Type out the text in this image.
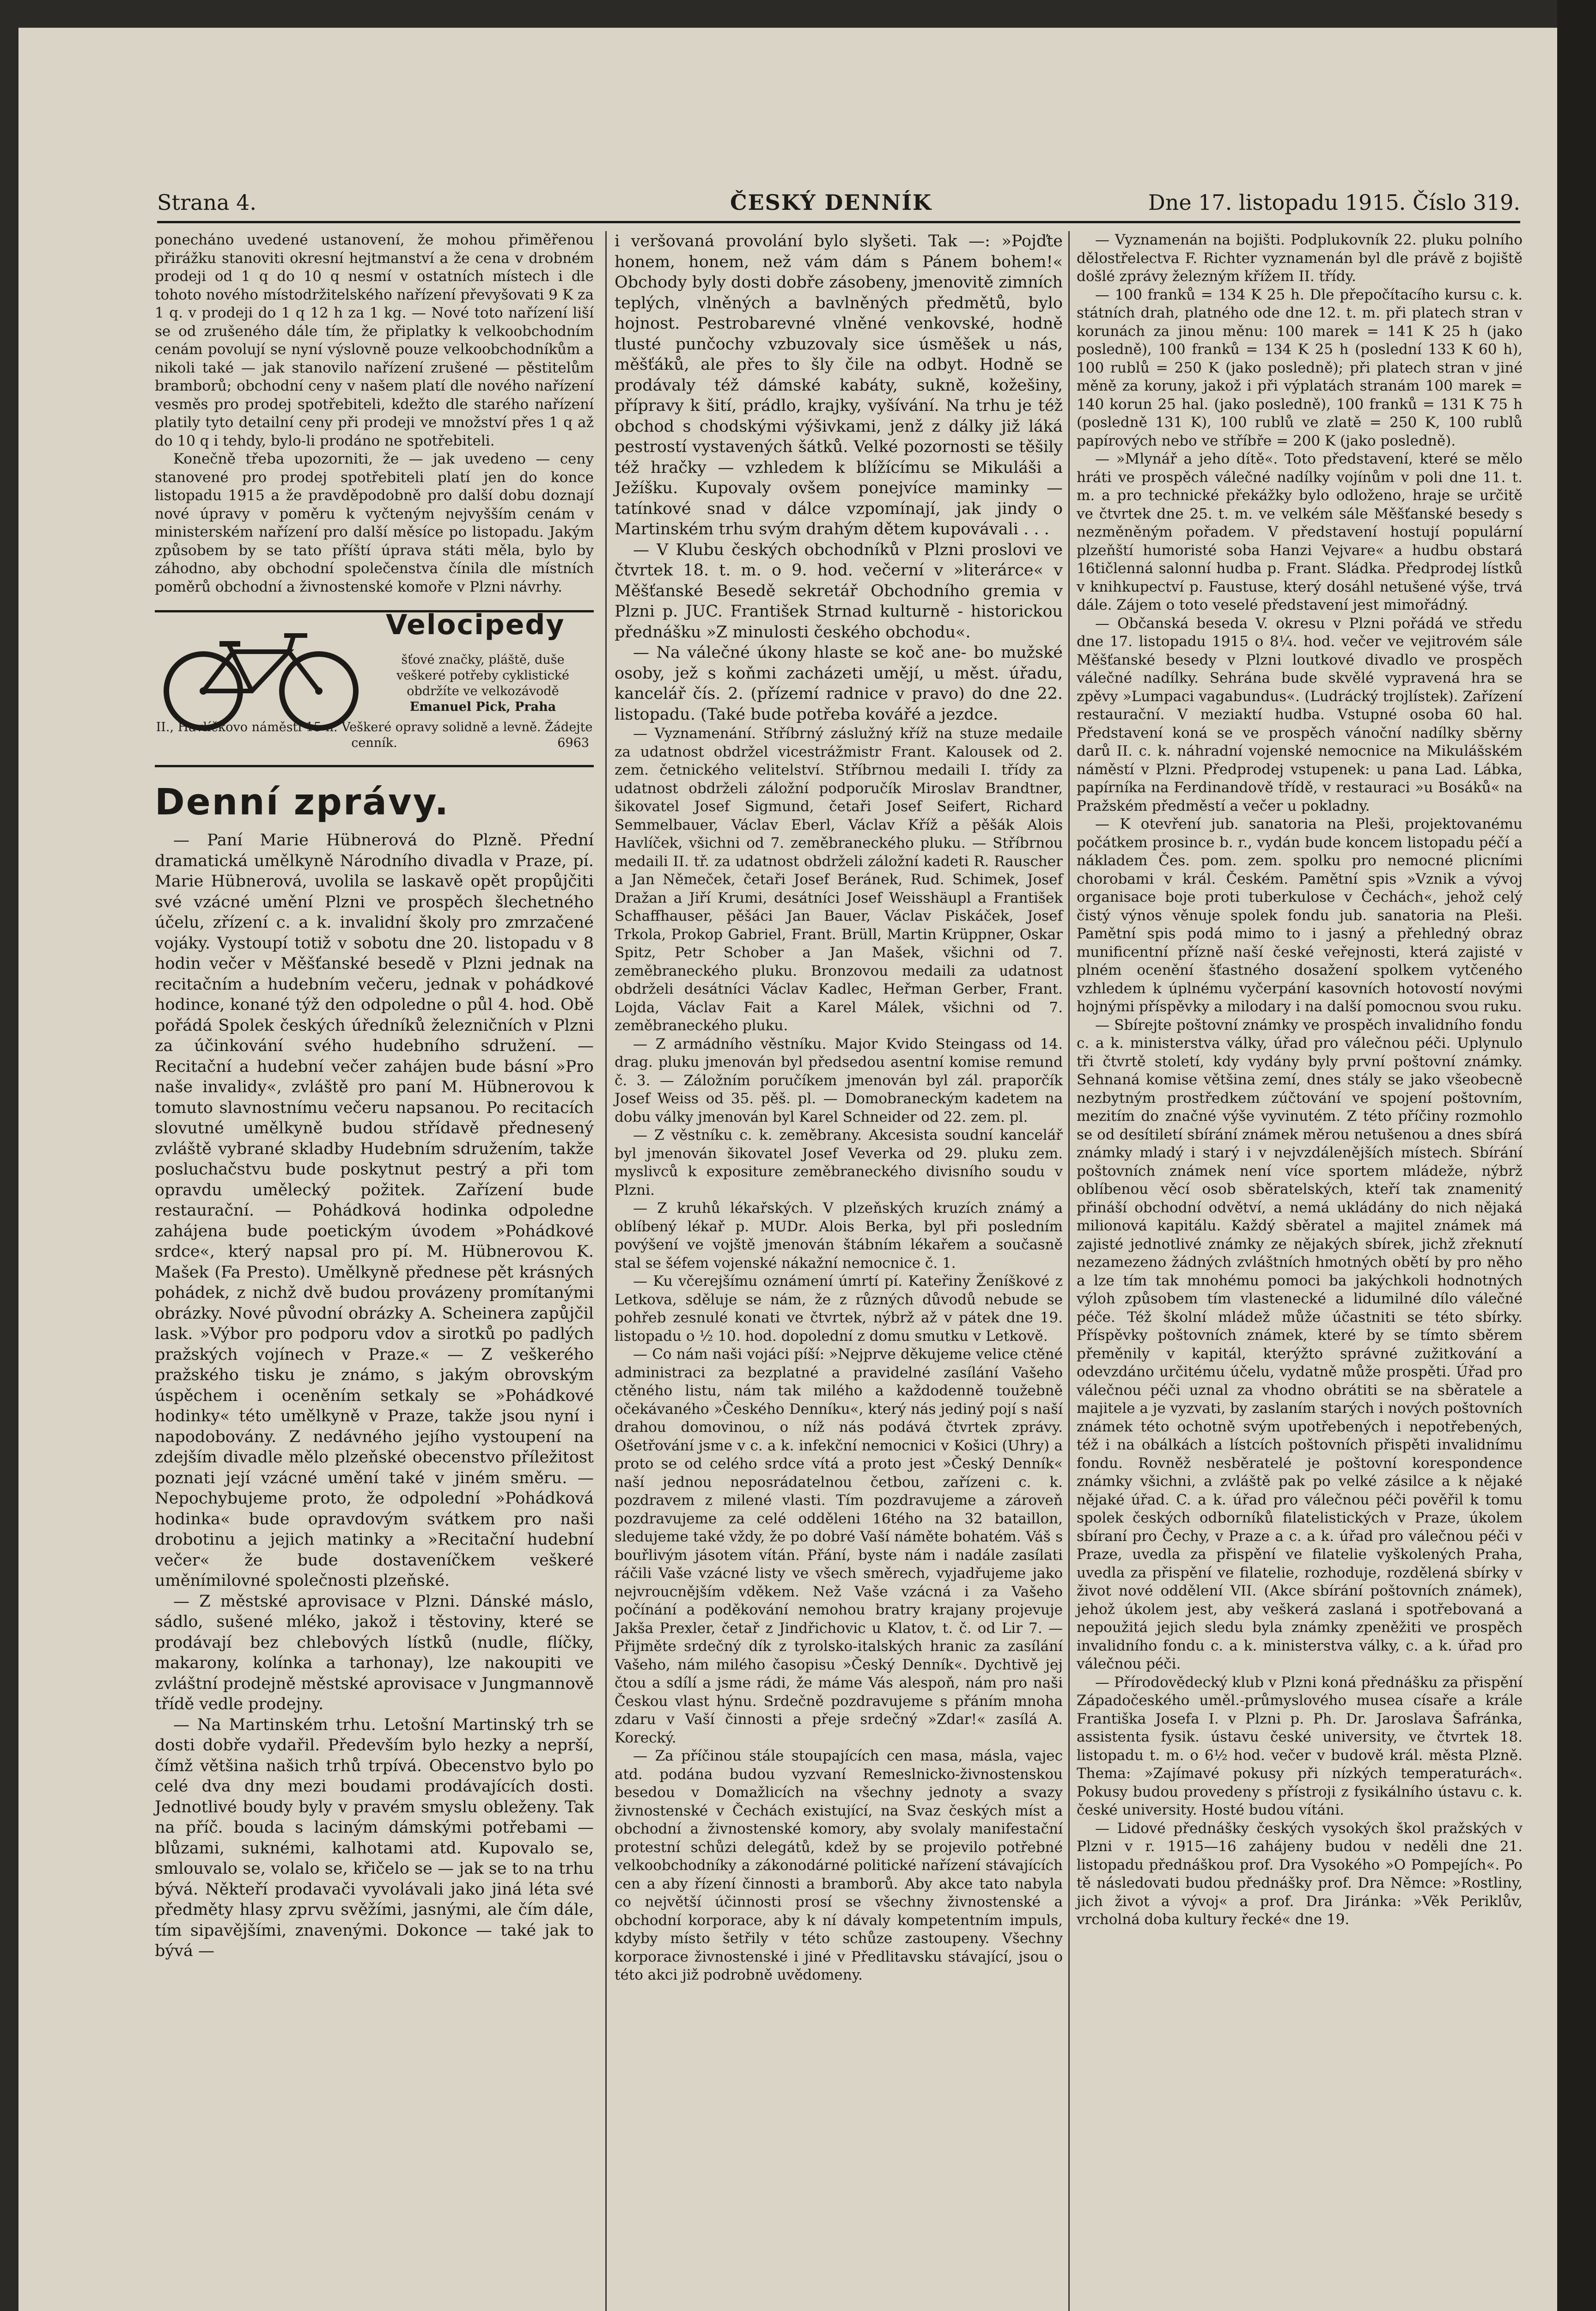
Strana 4.	ČESKÝ DENNÍK	Dne 17. listopadu 1915. Číslo 319.

ponecháno uvedené ustanovení, že mohou přiměřenou přirážku stanoviti okresní hejtmanství a že cena v drobném prodeji od 1 q do 10 q nesmí v ostatních místech i dle tohoto nového místodržitelského nařízení převyšovati 9 K za 1 q. v prodeji do 1 q 12 h za 1 kg. — Nové toto nařízení liší se od zrušeného dále tím, že připlatky k velkoobchodním cenám povolují se nyní výslovně pouze velkoobchodníkům a nikoli také — jak stanovilo nařízení zrušené — pěstitelům bramborů; obchodní ceny v našem platí dle nového nařízení vesměs pro prodej spotřebiteli, kdežto dle starého nařízení platily tyto detailní ceny při prodeji ve množství přes 1 q až do 10 q i tehdy, bylo-li prodáno ne spotřebiteli.

Konečně třeba upozorniti, že — jak uvedeno — ceny stanovené pro prodej spotřebiteli platí jen do konce listopadu 1915 a že pravděpodobně pro další dobu doznají nové úpravy v poměru k vyčteným nejvyšším cenám v ministerském nařízení pro další měsíce po listopadu. Jakým způsobem by se tato příští úprava státi měla, bylo by záhodno, aby obchodní společenstva čínila dle místních poměrů obchodní a živnostenské komoře v Plzni návrhy.

Velocipedy
šťové značky, pláště, duše veškeré potřeby cyklistické obdržíte ve velkozávodě
Emanuel Pick, Praha
II., Havlíčkovo náměstí 15 n. Veškeré opravy solidně a levně. Žádejte cenník.	6963
Denní zprávy.

— Paní Marie Hübnerová do Plzně. Přední dramatická umělkyně Národního divadla v Praze, pí. Marie Hübnerová, uvolila se laskavě opět propůjčiti své vzácné umění Plzni ve prospěch šlechetného účelu, zřízení c. a k. invalidní školy pro zmrzačené vojáky. Vystoupí totiž v sobotu dne 20. listopadu v 8 hodin večer v Měšťanské besedě v Plzni jednak na recitačním a hudebním večeru, jednak v pohádkové hodince, konané týž den odpoledne o půl 4. hod. Obě pořádá Spolek českých úředníků železničních v Plzni za účinkování svého hudebního sdružení. — Recitační a hudební večer zahájen bude básní »Pro naše invalidy«, zvláště pro paní M. Hübnerovou k tomuto slavnostnímu večeru napsanou. Po recitacích slovutné umělkyně budou střídavě přednesený zvláště vybrané skladby Hudebním sdružením, takže posluchačstvu bude poskytnut pestrý a při tom opravdu umělecký požitek. Zařízení bude restaurační. — Pohádková hodinka odpoledne zahájena bude poetickým úvodem »Pohádkové srdce«, který napsal pro pí. M. Hübnerovou K. Mašek (Fa Presto). Umělkyně přednese pět krásných pohádek, z nichž dvě budou provázeny promítanými obrázky. Nové původní obrázky A. Scheinera zapůjčil lask. »Výbor pro podporu vdov a sirotků po padlých pražských vojínech v Praze.« — Z veškerého pražského tisku je známo, s jakým obrovským úspěchem i oceněním setkaly se »Pohádkové hodinky« této umělkyně v Praze, takže jsou nyní i napodobovány. Z nedávného jejího vystoupení na zdejším divadle mělo plzeňské obecenstvo příležitost poznati její vzácné umění také v jiném směru. — Nepochybujeme proto, že odpolední »Pohádková hodinka« bude opravdovým svátkem pro naši drobotinu a jejich matinky a »Recitační hudební večer« že bude dostaveníčkem veškeré uměnímilovné společnosti plzeňské.

— Z městské aprovisace v Plzni. Dánské máslo, sádlo, sušené mléko, jakož i těstoviny, které se prodávají bez chlebových lístků (nudle, flíčky, makarony, kolínka a tarhonay), lze nakoupiti ve zvláštní prodejně městské aprovisace v Jungmannově třídě vedle prodejny.

— Na Martinském trhu. Letošní Martinský trh se dosti dobře vydařil. Především bylo hezky a neprší, čímž většina našich trhů trpívá. Obecenstvo bylo po celé dva dny mezi boudami prodávajících dosti. Jednotlivé boudy byly v pravém smyslu obleženy. Tak na příč. bouda s laciným dámskými potřebami — blůzami, suknémi, kalhotami atd. Kupovalo se, smlouvalo se, volalo se, křičelo se — jak se to na trhu bývá. Někteří prodavači vyvolávali jako jiná léta své předměty hlasy zprvu svěžími, jasnými, ale čím dále, tím sipavějšími, znavenými. Dokonce — také jak to bývá —

i veršovaná provolání bylo slyšeti. Tak —: »Pojďte honem, honem, než vám dám s Pánem bohem!« Obchody byly dosti dobře zásobeny, jmenovitě zimních teplých, vlněných a bavlněných předmětů, bylo hojnost. Pestrobarevné vlněné venkovské, hodně tlusté punčochy vzbuzovaly sice úsměšek u nás, měšťáků, ale přes to šly čile na odbyt. Hodně se prodávaly též dámské kabáty, sukně, kožešiny, přípravy k šití, prádlo, krajky, vyšívání. Na trhu je též obchod s chodskými výšivkami, jenž z dálky již láká pestrostí vystavených šátků. Velké pozornosti se těšily též hračky — vzhledem k blížícímu se Mikuláši a Ježíšku. Kupovaly ovšem ponejvíce maminky — tatínkové snad v dálce vzpomínají, jak jindy o Martinském trhu svým drahým dětem kupovávali . . .

— V Klubu českých obchodníků v Plzni proslovi ve čtvrtek 18. t. m. o 9. hod. večerní v »literárce« v Měšťanské Besedě sekretář Obchodního gremia v Plzni p. JUC. František Strnad kulturně - historickou přednášku »Z minulosti českého obchodu«.

— Na válečné úkony hlaste se koč ane- bo mužské osoby, jež s koňmi zacházeti umějí, u měst. úřadu, kancelář čís. 2. (přízemí radnice v pravo) do dne 22. listopadu. (Také bude potřeba kovářé a jezdce.

— Vyznamenání. Stříbrný záslužný kříž na stuze medaile za udatnost obdržel vicestrážmistr Frant. Kalousek od 2. zem. četnického velitelství. Stříbrnou medaili I. třídy za udatnost obdrželi záložní podporučík Miroslav Brandtner, šikovatel Josef Sigmund, četaři Josef Seifert, Richard Semmelbauer, Václav Eberl, Václav Kříž a pěšák Alois Havlíček, všichni od 7. zeměbraneckého pluku. — Stříbrnou medaili II. tř. za udatnost obdrželi záložní kadeti R. Rauscher a Jan Němeček, četaři Josef Beránek, Rud. Schimek, Josef Dražan a Jiří Krumi, desátníci Josef Weisshäupl a František Schaffhauser, pěšáci Jan Bauer, Václav Piskáček, Josef Trkola, Prokop Gabriel, Frant. Brüll, Martin Krüppner, Oskar Spitz, Petr Schober a Jan Mašek, všichni od 7. zeměbraneckého pluku. Bronzovou medaili za udatnost obdrželi desátníci Václav Kadlec, Heřman Gerber, Frant. Lojda, Václav Fait a Karel Málek, všichni od 7. zeměbraneckého pluku.

— Z armádního věstníku. Major Kvido Steingass od 14. drag. pluku jmenován byl předsedou asentní komise remund č. 3. — Záložním poručíkem jmenován byl zál. praporčík Josef Weiss od 35. pěš. pl. — Domobraneckým kadetem na dobu války jmenován byl Karel Schneider od 22. zem. pl.

— Z věstníku c. k. zeměbrany. Akcesista soudní kancelář byl jmenován šikovatel Josef Veverka od 29. pluku zem. myslivců k expositure zeměbraneckého divisního soudu v Plzni.

— Z kruhů lékařských. V plzeňských kruzích známý a oblíbený lékař p. MUDr. Alois Berka, byl při posledním povýšení ve vojště jmenován štábním lékařem a současně stal se šéfem vojenské nákažní nemocnice č. 1.

— Ku včerejšímu oznámení úmrtí pí. Kateřiny Ženíškové z Letkova, sděluje se nám, že z různých důvodů nebude se pohřeb zesnulé konati ve čtvrtek, nýbrž až v pátek dne 19. listopadu o ½ 10. hod. dopolední z domu smutku v Letkově.

— Co nám naši vojáci píší: »Nejprve děkujeme velice ctěné administraci za bezplatné a pravidelné zasílání Vašeho ctěného listu, nám tak milého a každodenně toužebně očekávaného »Českého Denníku«, který nás jediný pojí s naší drahou domovinou, o níž nás podává čtvrtek zprávy. Ošetřování jsme v c. a k. infekční nemocnici v Košici (Uhry) a proto se od celého srdce vítá a proto jest »Český Denník« naší jednou neposrádatelnou četbou, zařízeni c. k. pozdravem z milené vlasti. Tím pozdravujeme a zároveň pozdravujeme za celé odděleni 16tého na 32 bataillon, sledujeme také vždy, že po dobré Vaší náměte bohatém. Váš s bouřlivým jásotem vítán. Přání, byste nám i nadále zasílati ráčili Vaše vzácné listy ve všech směrech, vyjadřujeme jako nejvroucnějším vděkem. Než Vaše vzácná i za Vašeho počínání a poděkování nemohou bratry krajany projevuje Jakša Prexler, četař z Jindřichovic u Klatov, t. č. od Lir 7. — Přijměte srdečný dík z tyrolsko-italských hranic za zasílání Vašeho, nám milého časopisu »Český Denník«. Dychtivě jej čtou a sdílí a jsme rádi, že máme Vás alespoň, nám pro naši Českou vlast hýnu. Srdečně pozdravujeme s přáním mnoha zdaru v Vaší činnosti a přeje srdečný »Zdar!« zasílá A. Korecký.

— Za příčinou stále stoupajících cen masa, másla, vajec atd. podána budou vyzvaní Remeslnicko-živnostenskou besedou v Domažlicích na všechny jednoty a svazy živnostenské v Čechách existující, na Svaz českých míst a obchodní a živnostenské komory, aby svolaly manifestační protestní schůzi delegátů, kdež by se projevilo potřebné velkoobchodníky a zákonodárné politické nařízení stávajících cen a aby řízení činnosti a bramborů. Aby akce tato nabyla co největší účinnosti prosí se všechny živnostenské a obchodní korporace, aby k ní dávaly kompetentním impuls, kdyby místo šetřily v této schůze zastoupeny. Všechny korporace živnostenské i jiné v Předlitavsku stávající, jsou o této akci již podrobně uvědomeny.

— Vyznamenán na bojišti. Podplukovník 22. pluku polního dělostřelectva F. Richter vyznamenán byl dle právě z bojiště došlé zprávy železným křížem II. třídy.

— 100 franků = 134 K 25 h. Dle přepočítacího kursu c. k. státních drah, platného ode dne 12. t. m. při platech stran v korunách za jinou měnu: 100 marek = 141 K 25 h (jako posledně), 100 franků = 134 K 25 h (poslední 133 K 60 h), 100 rublů = 250 K (jako posledně); při platech stran v jiné měně za koruny, jakož i při výplatách stranám 100 marek = 140 korun 25 hal. (jako posledně), 100 franků = 131 K 75 h (posledně 131 K), 100 rublů ve zlatě = 250 K, 100 rublů papírových nebo ve stříbře = 200 K (jako posledně).

— »Mlynář a jeho dítě«. Toto představení, které se mělo hráti ve prospěch válečné nadílky vojínům v poli dne 11. t. m. a pro technické překážky bylo odloženo, hraje se určitě ve čtvrtek dne 25. t. m. ve velkém sále Měšťanské besedy s nezměněným pořadem. V představení hostují populární plzeňští humoristé soba Hanzi Vejvare« a hudbu obstará 16tičlenná salonní hudba p. Frant. Sládka. Předprodej lístků v knihkupectví p. Faustuse, který dosáhl netušené výše, trvá dále. Zájem o toto veselé představení jest mimořádný.

— Občanská beseda V. okresu v Plzni pořádá ve středu dne 17. listopadu 1915 o 8¼. hod. večer ve vejitrovém sále Měšťanské besedy v Plzni loutkové divadlo ve prospěch válečné nadílky. Sehrána bude skvělé vypravená hra se zpěvy »Lumpaci vagabundus«. (Ludrácký trojlístek). Zařízení restaurační. V meziaktí hudba. Vstupné osoba 60 hal. Představení koná se ve prospěch vánoční nadílky sběrny darů II. c. k. náhradní vojenské nemocnice na Mikulášském náměstí v Plzni. Předprodej vstupenek: u pana Lad. Lábka, papírníka na Ferdinandově třídě, v restauraci »u Bosáků« na Pražském předměstí a večer u pokladny.

— K otevření jub. sanatoria na Pleši, projektovanému počátkem prosince b. r., vydán bude koncem listopadu péčí a nákladem Čes. pom. zem. spolku pro nemocné plicními chorobami v král. Českém. Pamětní spis »Vznik a vývoj organisace boje proti tuberkulose v Čechách«, jehož celý čistý výnos věnuje spolek fondu jub. sanatoria na Pleši. Pamětní spis podá mimo to i jasný a přehledný obraz munificentní přízně naší české veřejnosti, která zajisté v plném ocenění šťastného dosažení spolkem vytčeného vzhledem k úplnému vyčerpání kasovních hotovostí novými hojnými příspěvky a milodary i na další pomocnou svou ruku.

— Sbírejte poštovní známky ve prospěch invalidního fondu c. a k. ministerstva války, úřad pro válečnou péči. Uplynulo tři čtvrtě století, kdy vydány byly první poštovní známky. Sehnaná komise většina zemí, dnes stály se jako všeobecně nezbytným prostředkem zúčtování ve spojení poštovním, mezitím do značné výše vyvinutém. Z této příčiny rozmohlo se od desítiletí sbírání známek měrou netušenou a dnes sbírá známky mladý i starý i v nejvzdálenějších místech. Sbírání poštovních známek není více sportem mládeže, nýbrž oblíbenou věcí osob sběratelských, kteří tak znamenitý přináší obchodní odvětví, a nemá ukládány do nich nějaká milionová kapitálu. Každý sběratel a majitel známek má zajisté jednotlivé známky ze nějakých sbírek, jichž zřeknutí nezamezeno žádných zvláštních hmotných obětí by pro něho a lze tím tak mnohému pomoci ba jakýchkoli hodnotných výloh způsobem tím vlastenecké a lidumilné dílo válečné péče. Též školní mládež může účastniti se této sbírky. Příspěvky poštovních známek, které by se tímto sběrem přeměnily v kapitál, kterýžto správné zužitkování a odevzdáno určitému účelu, vydatně může prospěti. Úřad pro válečnou péči uznal za vhodno obrátiti se na sběratele a majitele a je vyzvati, by zaslaním starých i nových poštovních známek této ochotně svým upotřebených i nepotřebených, též i na obálkách a lístcích poštovních přispěti invalidnímu fondu. Rovněž nesběratelé je poštovní korespondence známky všichni, a zvláště pak po velké zásilce a k nějaké nějaké úřad. C. a k. úřad pro válečnou péči pověřil k tomu spolek českých odborníků filatelistických v Praze, úkolem sbíraní pro Čechy, v Praze a c. a k. úřad pro válečnou péči v Praze, uvedla za přispění ve filatelie vyškolených Praha, uvedla za přispění ve filatelie, rozhoduje, rozdělená sbírky v život nové oddělení VII. (Akce sbírání poštovních známek), jehož úkolem jest, aby veškerá zaslaná i spotřebovaná a nepoužitá jejich sledu byla známky zpeněžiti ve prospěch invalidního fondu c. a k. ministerstva války, c. a k. úřad pro válečnou péči.

— Přírodovědecký klub v Plzni koná přednášku za přispění Západočeského uměl.-průmyslového musea císaře a krále Františka Josefa I. v Plzni p. Ph. Dr. Jaroslava Šafránka, assistenta fysik. ústavu české university, ve čtvrtek 18. listopadu t. m. o 6½ hod. večer v budově král. města Plzně. Thema: »Zajímavé pokusy při nízkých temperaturách«. Pokusy budou provedeny s přístroji z fysikálního ústavu c. k. české university. Hosté budou vítáni.

— Lidové přednášky českých vysokých škol pražských v Plzni v r. 1915—16 zahájeny budou v neděli dne 21. listopadu přednáškou prof. Dra Vysokého »O Pompejích«. Po tě následovati budou přednášky prof. Dra Němce: »Rostliny, jich život a vývoj« a prof. Dra Jiránka: »Věk Periklův, vrcholná doba kultury řecké« dne 19.
